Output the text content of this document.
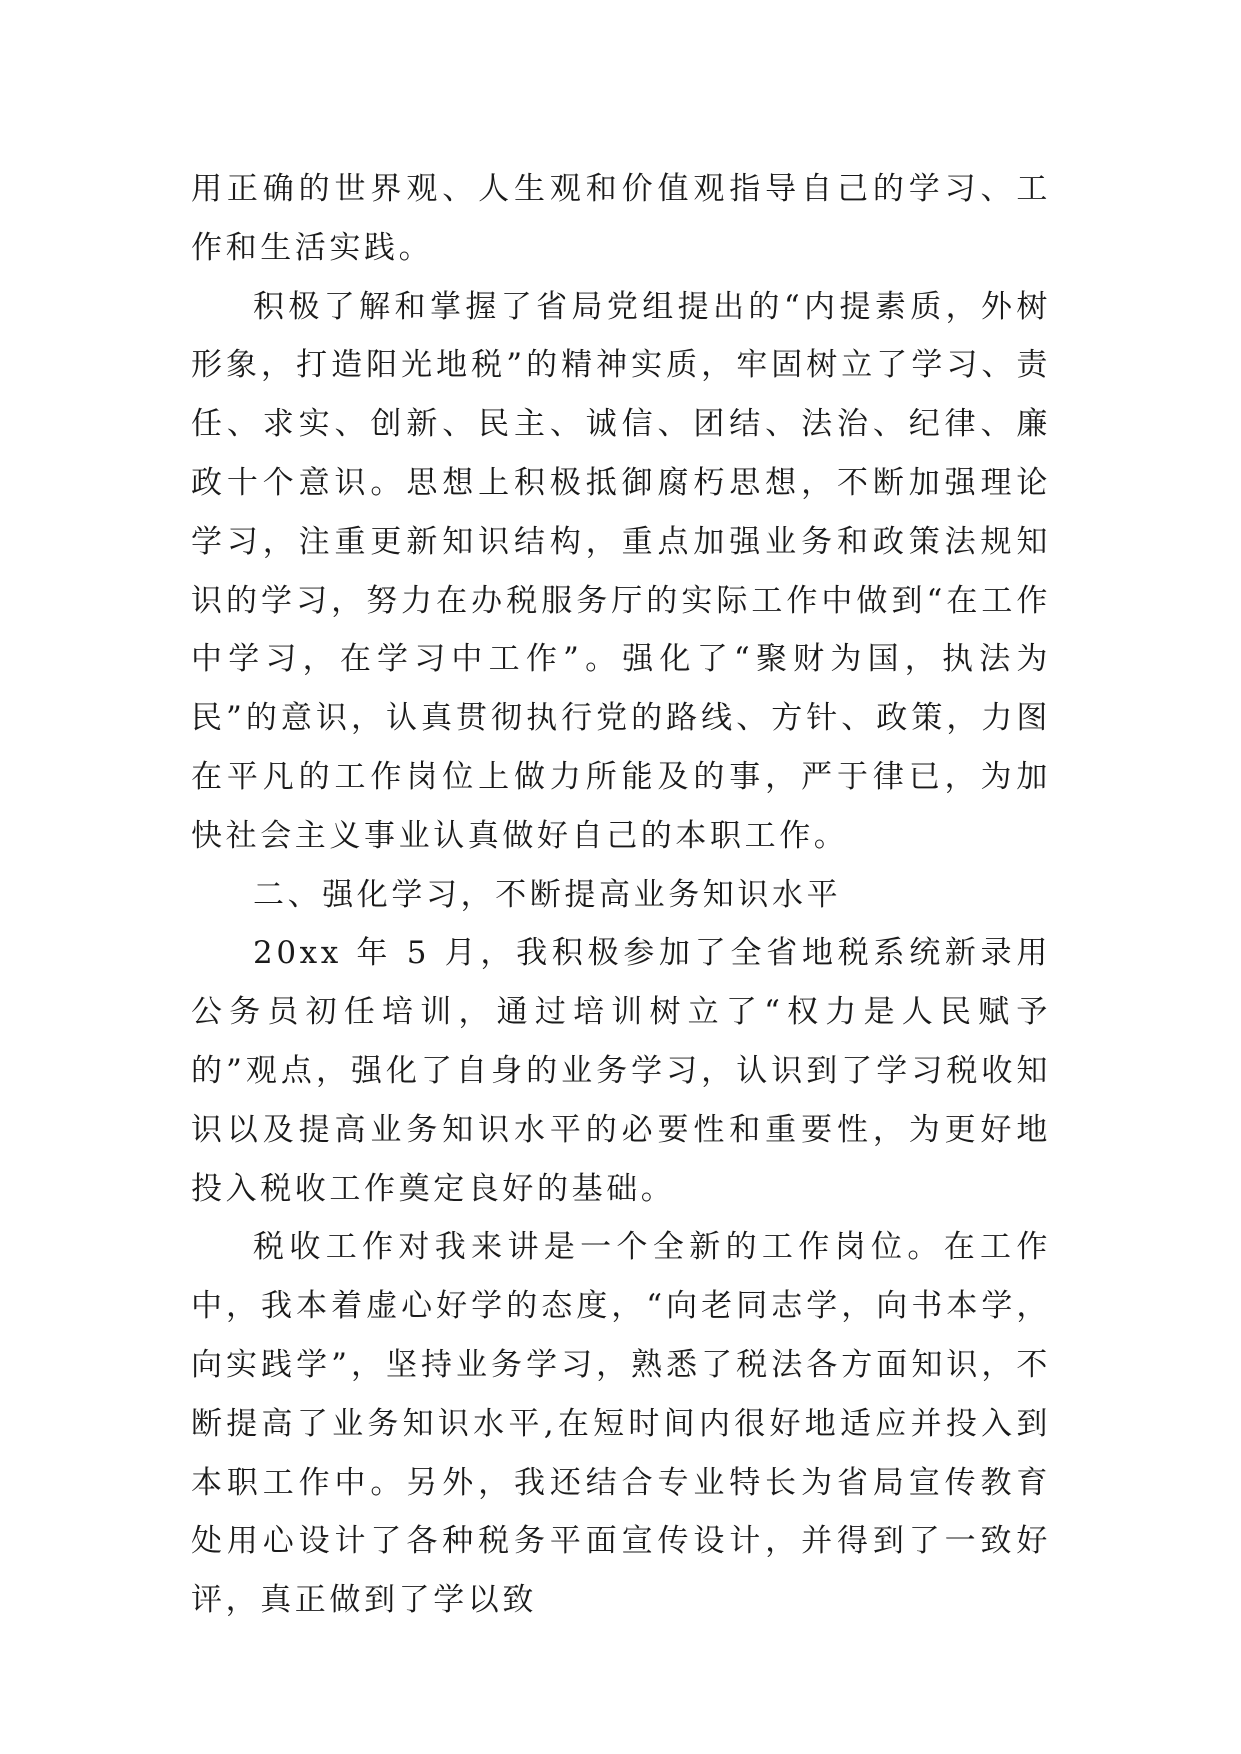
用正确的世界观、人生观和价值观指导自己的学习、工作和生活实践。

积极了解和掌握了省局党组提出的“内提素质，外树形象，打造阳光地税”的精神实质，牢固树立了学习、责任、求实、创新、民主、诚信、团结、法治、纪律、廉政十个意识。思想上积极抵御腐朽思想，不断加强理论学习，注重更新知识结构，重点加强业务和政策法规知识的学习，努力在办税服务厅的实际工作中做到“在工作中学习，在学习中工作”。强化了“聚财为国，执法为民”的意识，认真贯彻执行党的路线、方针、政策，力图在平凡的工作岗位上做力所能及的事，严于律已，为加快社会主义事业认真做好自己的本职工作。

二、强化学习，不断提高业务知识水平

20xx 年 5 月，我积极参加了全省地税系统新录用公务员初任培训，通过培训树立了“权力是人民赋予的”观点，强化了自身的业务学习，认识到了学习税收知识以及提高业务知识水平的必要性和重要性，为更好地投入税收工作奠定良好的基础。

税收工作对我来讲是一个全新的工作岗位。在工作中，我本着虚心好学的态度，“向老同志学，向书本学，向实践学”，坚持业务学习，熟悉了税法各方面知识，不断提高了业务知识水平,在短时间内很好地适应并投入到本职工作中。另外，我还结合专业特长为省局宣传教育处用心设计了各种税务平面宣传设计，并得到了一致好评，真正做到了学以致
